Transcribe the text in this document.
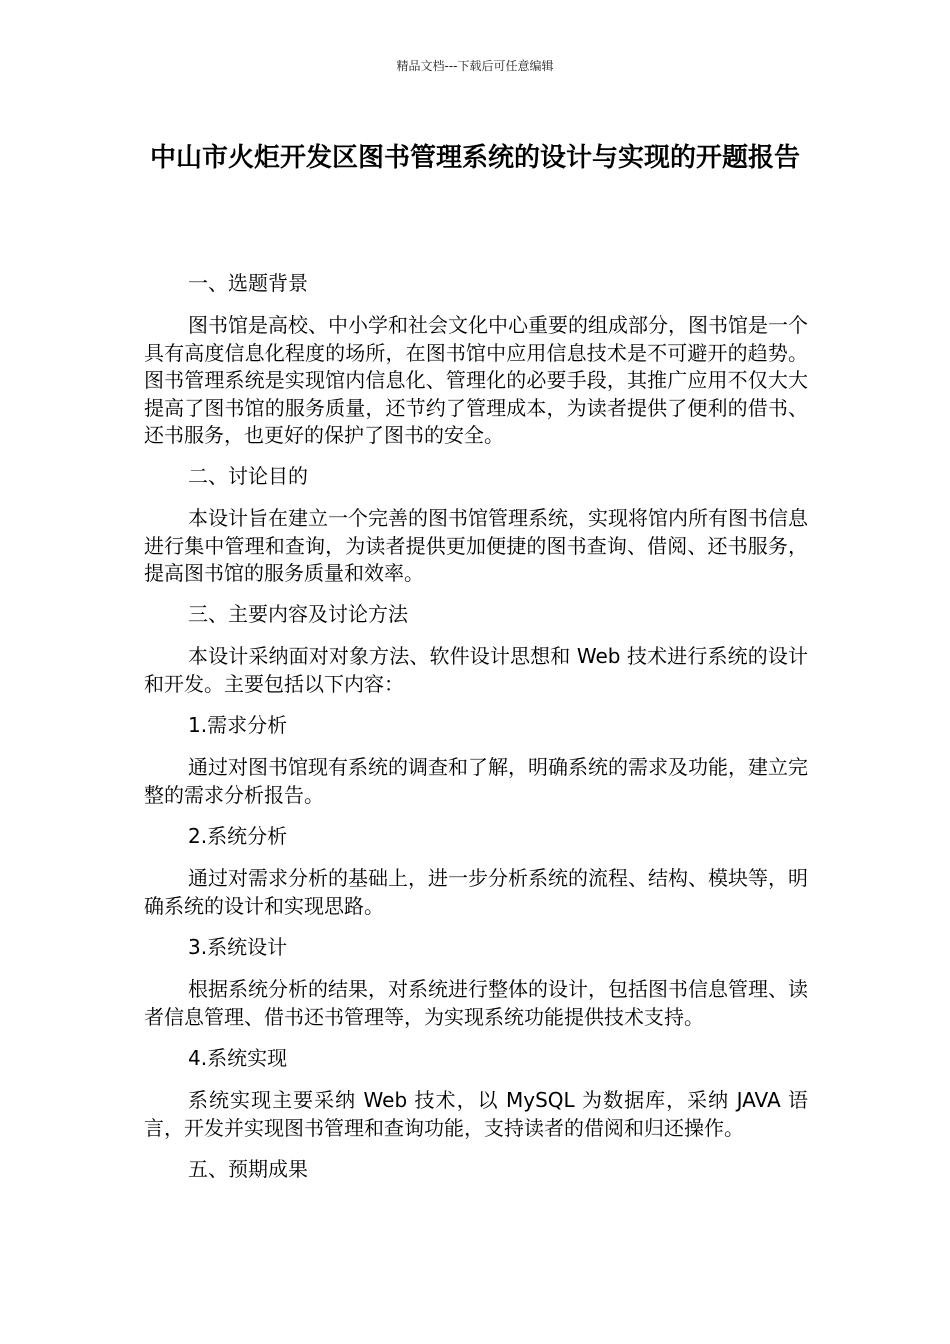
精品文档---下载后可任意编辑
中山市火炬开发区图书管理系统的设计与实现的开题报告

一、选题背景

图书馆是高校、中小学和社会文化中心重要的组成部分，图书馆是一个具有高度信息化程度的场所，在图书馆中应用信息技术是不可避开的趋势。图书管理系统是实现馆内信息化、管理化的必要手段，其推广应用不仅大大提高了图书馆的服务质量，还节约了管理成本，为读者提供了便利的借书、还书服务，也更好的保护了图书的安全。

二、讨论目的

本设计旨在建立一个完善的图书馆管理系统，实现将馆内所有图书信息进行集中管理和查询，为读者提供更加便捷的图书查询、借阅、还书服务，提高图书馆的服务质量和效率。

三、主要内容及讨论方法

本设计采纳面对对象方法、软件设计思想和 Web 技术进行系统的设计和开发。主要包括以下内容：

1.需求分析

通过对图书馆现有系统的调查和了解，明确系统的需求及功能，建立完整的需求分析报告。

2.系统分析

通过对需求分析的基础上，进一步分析系统的流程、结构、模块等，明确系统的设计和实现思路。

3.系统设计

根据系统分析的结果，对系统进行整体的设计，包括图书信息管理、读者信息管理、借书还书管理等，为实现系统功能提供技术支持。

4.系统实现

系统实现主要采纳 Web 技术，以 MySQL 为数据库，采纳 JAVA 语言，开发并实现图书管理和查询功能，支持读者的借阅和归还操作。

五、预期成果
